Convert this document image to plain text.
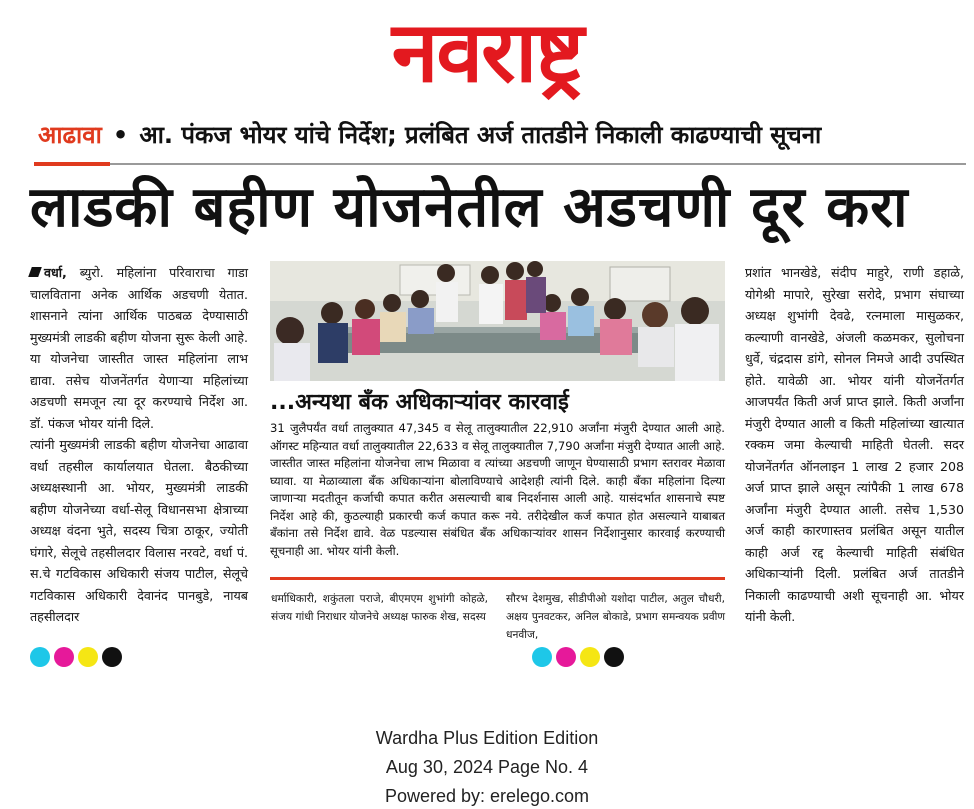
नवराष्ट्र
आढावा • आ. पंकज भोयर यांचे निर्देश; प्रलंबित अर्ज तातडीने निकाली काढण्याची सूचना
लाडकी बहीण योजनेतील अडचणी दूर करा

वर्धा, ब्युरो. महिलांना परिवाराचा गाडा चालविताना अनेक आर्थिक अडचणी येतात. शासनाने त्यांना आर्थिक पाठबळ देण्यासाठी मुख्यमंत्री लाडकी बहीण योजना सुरू केली आहे. या योजनेचा जास्तीत जास्त महिलांना लाभ द्यावा. तसेच योजनेंतर्गत येणाऱ्या महिलांच्या अडचणी समजून त्या दूर करण्याचे निर्देश आ. डॉ. पंकज भोयर यांनी दिले.

त्यांनी मुख्यमंत्री लाडकी बहीण योजनेचा आढावा वर्धा तहसील कार्यालयात घेतला. बैठकीच्या अध्यक्षस्थानी आ. भोयर, मुख्यमंत्री लाडकी बहीण योजनेच्या वर्धा-सेलू विधानसभा क्षेत्राच्या अध्यक्ष वंदना भुते, सदस्य चित्रा ठाकूर, ज्योती घंगारे, सेलूचे तहसीलदार विलास नरवटे, वर्धा पं. स.चे गटविकास अधिकारी संजय पाटील, सेलूचे गटविकास अधिकारी देवानंद पानबुडे, नायब तहसीलदार

...अन्यथा बँक अधिकाऱ्यांवर कारवाई
31 जुलैपर्यंत वर्धा तालुक्यात 47,345 व सेलू तालुक्यातील 22,910 अर्जांना मंजुरी देण्यात आली आहे. ऑगस्ट महिन्यात वर्धा तालुक्यातील 22,633 व सेलू तालुक्यातील 7,790 अर्जांना मंजुरी देण्यात आली आहे. जास्तीत जास्त महिलांना योजनेचा लाभ मिळावा व त्यांच्या अडचणी जाणून घेण्यासाठी प्रभाग स्तरावर मेळावा घ्यावा. या मेळाव्याला बँक अधिकाऱ्यांना बोलाविण्याचे आदेशही त्यांनी दिले. काही बँका महिलांना दिल्या जाणाऱ्या मदतीतून कर्जाची कपात करीत असल्याची बाब निदर्शनास आली आहे. यासंदर्भात शासनाचे स्पष्ट निर्देश आहे की, कुठल्याही प्रकारची कर्ज कपात करू नये. तरीदेखील कर्ज कपात होत असल्याने याबाबत बँकांना तसे निर्देश द्यावे. वेळ पडल्यास संबंधित बँक अधिकाऱ्यांवर शासन निर्देशानुसार कारवाई करण्याची सूचनाही आ. भोयर यांनी केली.

धर्माधिकारी, शकुंतला पराजे, बीएमएम शुभांगी कोहळे, संजय गांधी निराधार योजनेचे अध्यक्ष फारुक शेख, सदस्य

सौरभ देशमुख, सीडीपीओ यशोदा पाटील, अतुल चौधरी, अक्षय पुनवटकर, अनिल बोकाडे, प्रभाग समन्वयक प्रवीण धनवीज,

प्रशांत भानखेडे, संदीप माहुरे, राणी डहाळे, योगेश्री मापारे, सुरेखा सरोदे, प्रभाग संघाच्या अध्यक्ष शुभांगी देवढे, रत्नमाला मासुळकर, कल्याणी वानखेडे, अंजली कळमकर, सुलोचना धुर्वे, चंद्रदास डांगे, सोनल निमजे आदी उपस्थित होते. यावेळी आ. भोयर यांनी योजनेंतर्गत आजपर्यंत किती अर्ज प्राप्त झाले. किती अर्जांना मंजुरी देण्यात आली व किती महिलांच्या खात्यात रक्कम जमा केल्याची माहिती घेतली. सदर योजनेंतर्गत ऑनलाइन 1 लाख 2 हजार 208 अर्ज प्राप्त झाले असून त्यांपैकी 1 लाख 678 अर्जांना मंजुरी देण्यात आली. तसेच 1,530 अर्ज काही कारणास्तव प्रलंबित असून यातील काही अर्ज रद्द केल्याची माहिती संबंधित अधिकाऱ्यांनी दिली. प्रलंबित अर्ज तातडीने निकाली काढण्याची अशी सूचनाही आ. भोयर यांनी केली.

Wardha Plus Edition Edition
Aug 30, 2024 Page No. 4
Powered by: erelego.com
